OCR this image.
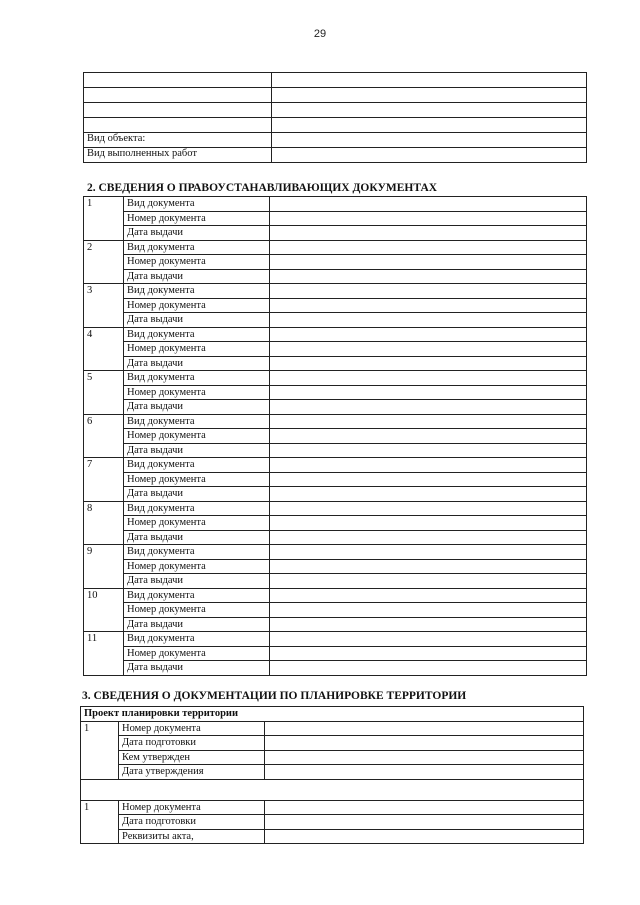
29

Вид объекта:	
Вид выполненных работ	
2. СВЕДЕНИЯ О ПРАВОУСТАНАВЛИВАЮЩИХ ДОКУМЕНТАХ
1	Вид документа	
	Номер документа	
	Дата выдачи	
2	Вид документа	
	Номер документа	
	Дата выдачи	
3	Вид документа	
	Номер документа	
	Дата выдачи	
4	Вид документа	
	Номер документа	
	Дата выдачи	
5	Вид документа	
	Номер документа	
	Дата выдачи	
6	Вид документа	
	Номер документа	
	Дата выдачи	
7	Вид документа	
	Номер документа	
	Дата выдачи	
8	Вид документа	
	Номер документа	
	Дата выдачи	
9	Вид документа	
	Номер документа	
	Дата выдачи	
10	Вид документа	
	Номер документа	
	Дата выдачи	
11	Вид документа	
	Номер документа	
	Дата выдачи	
3. СВЕДЕНИЯ О ДОКУМЕНТАЦИИ ПО ПЛАНИРОВКЕ ТЕРРИТОРИИ
Проект планировки территории		
1	Номер документа	
	Дата подготовки	
	Кем утвержден	
	Дата утверждения	

1	Номер документа	
	Дата подготовки	
	Реквизиты акта,	
